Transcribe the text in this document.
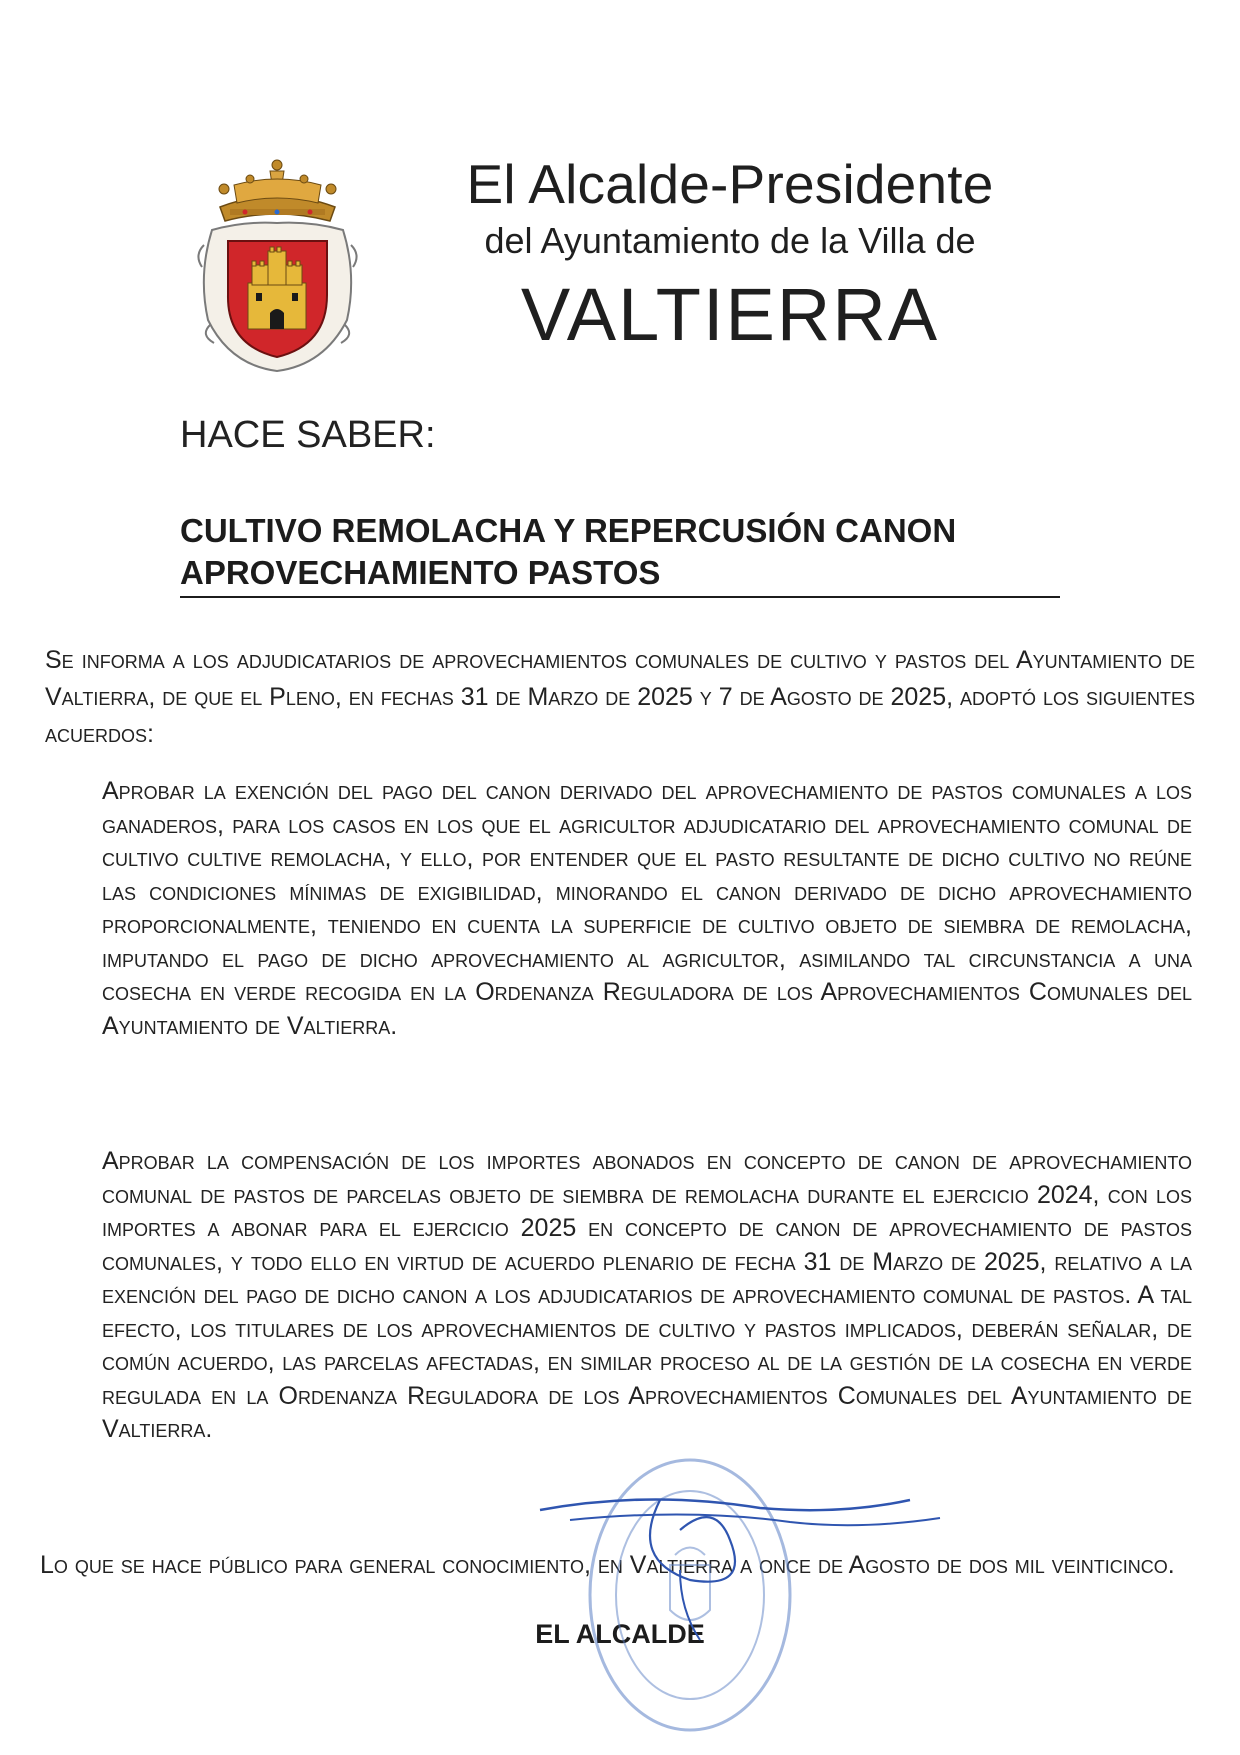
El Alcalde-Presidente
del Ayuntamiento de la Villa de
VALTIERRA
HACE SABER:
CULTIVO REMOLACHA Y REPERCUSIÓN CANON
APROVECHAMIENTO PASTOS
Se informa a los adjudicatarios de aprovechamientos comunales de cultivo y pastos del Ayuntamiento de Valtierra, de que el Pleno, en fechas 31 de Marzo de 2025 y 7 de Agosto de 2025, adoptó los siguientes acuerdos:
Aprobar la exención del pago del canon derivado del aprovechamiento de pastos comunales a los ganaderos, para los casos en los que el agricultor adjudicatario del aprovechamiento comunal de cultivo cultive remolacha, y ello, por entender que el pasto resultante de dicho cultivo no reúne las condiciones mínimas de exigibilidad, minorando el canon derivado de dicho aprovechamiento proporcionalmente, teniendo en cuenta la superficie de cultivo objeto de siembra de remolacha, imputando el pago de dicho aprovechamiento al agricultor, asimilando tal circunstancia a una cosecha en verde recogida en la Ordenanza Reguladora de los Aprovechamientos Comunales del Ayuntamiento de Valtierra.
Aprobar la compensación de los importes abonados en concepto de canon de aprovechamiento comunal de pastos de parcelas objeto de siembra de remolacha durante el ejercicio 2024, con los importes a abonar para el ejercicio 2025 en concepto de canon de aprovechamiento de pastos comunales, y todo ello en virtud de acuerdo plenario de fecha 31 de Marzo de 2025, relativo a la exención del pago de dicho canon a los adjudicatarios de aprovechamiento comunal de pastos. A tal efecto, los titulares de los aprovechamientos de cultivo y pastos implicados, deberán señalar, de común acuerdo, las parcelas afectadas, en similar proceso al de la gestión de la cosecha en verde regulada en la Ordenanza Reguladora de los Aprovechamientos Comunales del Ayuntamiento de Valtierra.
Lo que se hace público para general conocimiento, en Valtierra a once de Agosto de dos mil veinticinco.
EL ALCALDE
